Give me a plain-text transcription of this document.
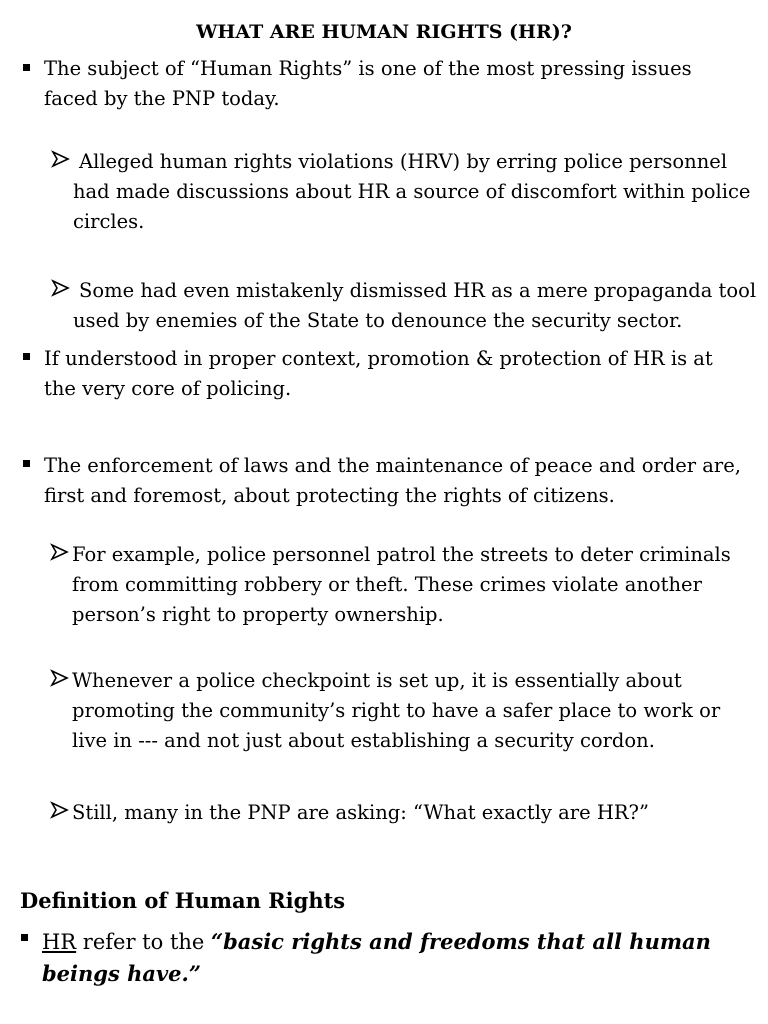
WHAT ARE HUMAN RIGHTS (HR)?
The subject of “Human Rights” is one of the most pressing issues faced by the PNP today.
Alleged human rights violations (HRV) by erring police personnel had made discussions about HR a source of discomfort within police circles.
Some had even mistakenly dismissed HR as a mere propaganda tool used by enemies of the State to denounce the security sector.
If understood in proper context, promotion & protection of HR is at the very core of policing.
The enforcement of laws and the maintenance of peace and order are, first and foremost, about protecting the rights of citizens.
For example, police personnel patrol the streets to deter criminals from committing robbery or theft. These crimes violate another person’s right to property ownership.
Whenever a police checkpoint is set up, it is essentially about promoting the community’s right to have a safer place to work or live in --- and not just about establishing a security cordon.
Still, many in the PNP are asking: “What exactly are HR?”
Definition of Human Rights
HR refer to the “basic rights and freedoms that all human beings have.”
